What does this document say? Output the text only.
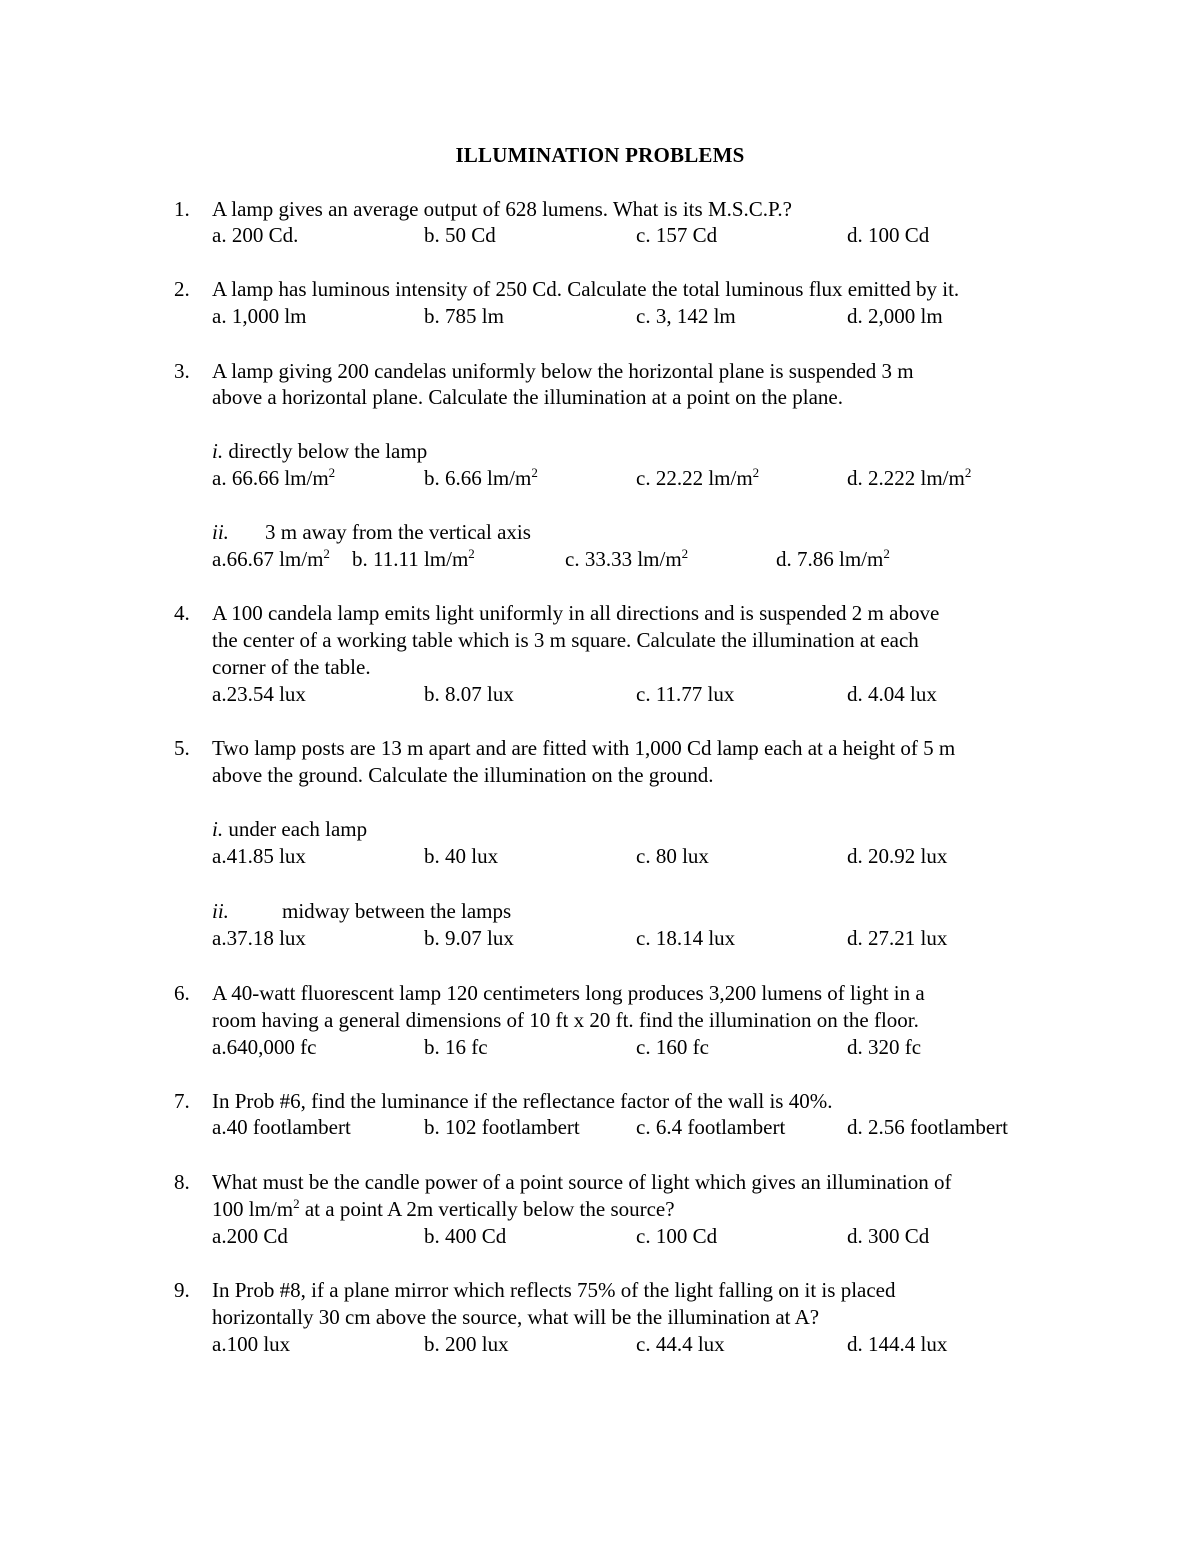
ILLUMINATION PROBLEMS
1. A lamp gives an average output of 628 lumens. What is its M.S.C.P.?
a. 200 Cd.	b. 50 Cd	c. 157 Cd	d. 100 Cd
2. A lamp has luminous intensity of 250 Cd. Calculate the total luminous flux emitted by it.
a. 1,000 lm	b. 785 lm	c. 3, 142 lm	d. 2,000 lm
3. A lamp giving 200 candelas uniformly below the horizontal plane is suspended 3 m
above a horizontal plane. Calculate the illumination at a point on the plane.
i. directly below the lamp
a. 66.66 $lm/m^2$	b. 6.66 $lm/m^2$	c. 22.22 $lm/m^2$	d. 2.222 $lm/m^2$
ii. 3 m away from the vertical axis
a.66.67 $lm/m^2$ b. 11.11 $lm/m^2$	c. 33.33 $lm/m^2$	d. 7.86 $lm/m^2$
4. A 100 candela lamp emits light uniformly in all directions and is suspended 2 m above
the center of a working table which is 3 m square. Calculate the illumination at each
corner of the table.
a.23.54 lux	b. 8.07 lux	c. 11.77 lux	d. 4.04 lux
5. Two lamp posts are 13 m apart and are fitted with 1,000 Cd lamp each at a height of 5 m
above the ground. Calculate the illumination on the ground.
i. under each lamp
a.41.85 lux	b. 40 lux	c. 80 lux	d. 20.92 lux
ii.	midway between the lamps
a.37.18 lux	b. 9.07 lux	c. 18.14 lux	d. 27.21 lux
6. A 40-watt fluorescent lamp 120 centimeters long produces 3,200 lumens of light in a
room having a general dimensions of 10 ft x 20 ft. find the illumination on the floor.
a.640,000 fc	b. 16 fc	c. 160 fc	d. 320 fc
7. In Prob #6, find the luminance if the reflectance factor of the wall is 40%.
a.40 footlambert	b. 102 footlambert	c. 6.4 footlambert	d. 2.56 footlambert
8. What must be the candle power of a point source of light which gives an illumination of
100 $lm/m^2$ at a point A 2m vertically below the source?
a.200 Cd	b. 400 Cd	c. 100 Cd	d. 300 Cd
9. In Prob #8, if a plane mirror which reflects 75% of the light falling on it is placed
horizontally 30 cm above the source, what will be the illumination at A?
a.100 lux	b. 200 lux	c. 44.4 lux	d. 144.4 lux
